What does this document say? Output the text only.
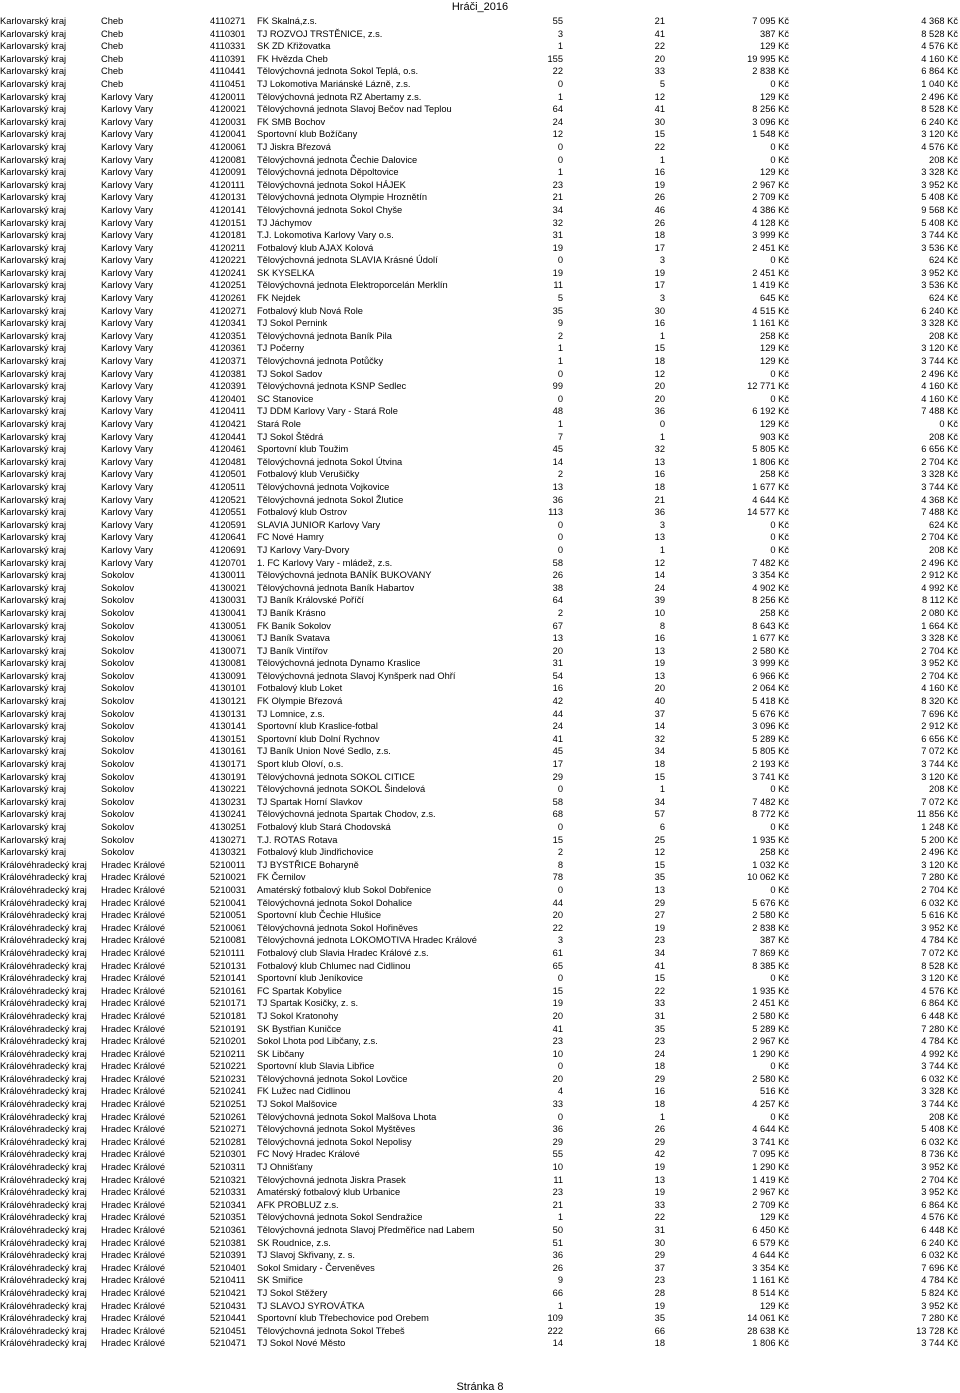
Hráči_2016
Karlovarský kraj	Cheb	4110271	FK Skalná,z.s.	55	21	7 095 Kč	4 368 Kč
Karlovarský kraj	Cheb	4110301	TJ ROZVOJ TRSTĚNICE, z.s.	3	41	387 Kč	8 528 Kč
Karlovarský kraj	Cheb	4110331	SK ZD Křižovatka	1	22	129 Kč	4 576 Kč
Karlovarský kraj	Cheb	4110391	FK Hvězda Cheb	155	20	19 995 Kč	4 160 Kč
Karlovarský kraj	Cheb	4110441	Tělovýchovná jednota Sokol Teplá, o.s.	22	33	2 838 Kč	6 864 Kč
Karlovarský kraj	Cheb	4110451	TJ Lokomotiva Mariánské Lázně, z.s.	0	5	0 Kč	1 040 Kč
Karlovarský kraj	Karlovy Vary	4120011	Tělovýchovná jednota RZ Abertamy z.s.	1	12	129 Kč	2 496 Kč
Karlovarský kraj	Karlovy Vary	4120021	Tělovýchovná jednota Slavoj Bečov nad Teplou	64	41	8 256 Kč	8 528 Kč
Karlovarský kraj	Karlovy Vary	4120031	FK SMB Bochov	24	30	3 096 Kč	6 240 Kč
Karlovarský kraj	Karlovy Vary	4120041	Sportovní klub Božíčany	12	15	1 548 Kč	3 120 Kč
Karlovarský kraj	Karlovy Vary	4120061	TJ Jiskra Březová	0	22	0 Kč	4 576 Kč
Karlovarský kraj	Karlovy Vary	4120081	Tělovýchovná jednota Čechie Dalovice	0	1	0 Kč	208 Kč
Karlovarský kraj	Karlovy Vary	4120091	Tělovýchovná jednota Děpoltovice	1	16	129 Kč	3 328 Kč
Karlovarský kraj	Karlovy Vary	4120111	Tělovýchovná jednota Sokol HÁJEK	23	19	2 967 Kč	3 952 Kč
Karlovarský kraj	Karlovy Vary	4120131	Tělovýchovná jednota Olympie Hroznětín	21	26	2 709 Kč	5 408 Kč
Karlovarský kraj	Karlovy Vary	4120141	Tělovýchovná jednota Sokol Chyše	34	46	4 386 Kč	9 568 Kč
Karlovarský kraj	Karlovy Vary	4120151	TJ Jáchymov	32	26	4 128 Kč	5 408 Kč
Karlovarský kraj	Karlovy Vary	4120181	T.J. Lokomotiva Karlovy Vary o.s.	31	18	3 999 Kč	3 744 Kč
Karlovarský kraj	Karlovy Vary	4120211	Fotbalový klub AJAX Kolová	19	17	2 451 Kč	3 536 Kč
Karlovarský kraj	Karlovy Vary	4120221	Tělovýchovná jednota SLAVIA Krásné Údolí	0	3	0 Kč	624 Kč
Karlovarský kraj	Karlovy Vary	4120241	SK KYSELKA	19	19	2 451 Kč	3 952 Kč
Karlovarský kraj	Karlovy Vary	4120251	Tělovýchovná jednota Elektroporcelán Merklín	11	17	1 419 Kč	3 536 Kč
Karlovarský kraj	Karlovy Vary	4120261	FK Nejdek	5	3	645 Kč	624 Kč
Karlovarský kraj	Karlovy Vary	4120271	Fotbalový klub Nová Role	35	30	4 515 Kč	6 240 Kč
Karlovarský kraj	Karlovy Vary	4120341	TJ Sokol Pernink	9	16	1 161 Kč	3 328 Kč
Karlovarský kraj	Karlovy Vary	4120351	Tělovýchovná jednota Baník Pila	2	1	258 Kč	208 Kč
Karlovarský kraj	Karlovy Vary	4120361	TJ Počerny	1	15	129 Kč	3 120 Kč
Karlovarský kraj	Karlovy Vary	4120371	Tělovýchovná jednota Potůčky	1	18	129 Kč	3 744 Kč
Karlovarský kraj	Karlovy Vary	4120381	TJ Sokol Sadov	0	12	0 Kč	2 496 Kč
Karlovarský kraj	Karlovy Vary	4120391	Tělovýchovná jednota KSNP Sedlec	99	20	12 771 Kč	4 160 Kč
Karlovarský kraj	Karlovy Vary	4120401	SC Stanovice	0	20	0 Kč	4 160 Kč
Karlovarský kraj	Karlovy Vary	4120411	TJ DDM Karlovy Vary - Stará Role	48	36	6 192 Kč	7 488 Kč
Karlovarský kraj	Karlovy Vary	4120421	Stará Role	1	0	129 Kč	0 Kč
Karlovarský kraj	Karlovy Vary	4120441	TJ Sokol Štědrá	7	1	903 Kč	208 Kč
Karlovarský kraj	Karlovy Vary	4120461	Sportovní klub Toužim	45	32	5 805 Kč	6 656 Kč
Karlovarský kraj	Karlovy Vary	4120481	Tělovýchovná jednota Sokol Útvina	14	13	1 806 Kč	2 704 Kč
Karlovarský kraj	Karlovy Vary	4120501	Fotbalový klub Verušičky	2	16	258 Kč	3 328 Kč
Karlovarský kraj	Karlovy Vary	4120511	Tělovýchovná jednota Vojkovice	13	18	1 677 Kč	3 744 Kč
Karlovarský kraj	Karlovy Vary	4120521	Tělovýchovná jednota Sokol Žlutice	36	21	4 644 Kč	4 368 Kč
Karlovarský kraj	Karlovy Vary	4120551	Fotbalový klub Ostrov	113	36	14 577 Kč	7 488 Kč
Karlovarský kraj	Karlovy Vary	4120591	SLAVIA JUNIOR Karlovy Vary	0	3	0 Kč	624 Kč
Karlovarský kraj	Karlovy Vary	4120641	FC Nové Hamry	0	13	0 Kč	2 704 Kč
Karlovarský kraj	Karlovy Vary	4120691	TJ Karlovy Vary-Dvory	0	1	0 Kč	208 Kč
Karlovarský kraj	Karlovy Vary	4120701	1. FC Karlovy Vary - mládež, z.s.	58	12	7 482 Kč	2 496 Kč
Karlovarský kraj	Sokolov	4130011	Tělovýchovná jednota BANÍK BUKOVANY	26	14	3 354 Kč	2 912 Kč
Karlovarský kraj	Sokolov	4130021	Tělovýchovná jednota Baník Habartov	38	24	4 902 Kč	4 992 Kč
Karlovarský kraj	Sokolov	4130031	TJ Baník Královské Poříčí	64	39	8 256 Kč	8 112 Kč
Karlovarský kraj	Sokolov	4130041	TJ Baník Krásno	2	10	258 Kč	2 080 Kč
Karlovarský kraj	Sokolov	4130051	FK Baník Sokolov	67	8	8 643 Kč	1 664 Kč
Karlovarský kraj	Sokolov	4130061	TJ Baník Svatava	13	16	1 677 Kč	3 328 Kč
Karlovarský kraj	Sokolov	4130071	TJ Baník Vintířov	20	13	2 580 Kč	2 704 Kč
Karlovarský kraj	Sokolov	4130081	Tělovýchovná jednota Dynamo Kraslice	31	19	3 999 Kč	3 952 Kč
Karlovarský kraj	Sokolov	4130091	Tělovýchovná jednota Slavoj Kynšperk nad Ohří	54	13	6 966 Kč	2 704 Kč
Karlovarský kraj	Sokolov	4130101	Fotbalový klub Loket	16	20	2 064 Kč	4 160 Kč
Karlovarský kraj	Sokolov	4130121	FK Olympie Březová	42	40	5 418 Kč	8 320 Kč
Karlovarský kraj	Sokolov	4130131	TJ Lomnice, z.s.	44	37	5 676 Kč	7 696 Kč
Karlovarský kraj	Sokolov	4130141	Sportovní klub Kraslice-fotbal	24	14	3 096 Kč	2 912 Kč
Karlovarský kraj	Sokolov	4130151	Sportovní klub Dolní Rychnov	41	32	5 289 Kč	6 656 Kč
Karlovarský kraj	Sokolov	4130161	TJ Baník Union Nové Sedlo, z.s.	45	34	5 805 Kč	7 072 Kč
Karlovarský kraj	Sokolov	4130171	Sport klub Oloví, o.s.	17	18	2 193 Kč	3 744 Kč
Karlovarský kraj	Sokolov	4130191	Tělovýchovná jednota SOKOL CITICE	29	15	3 741 Kč	3 120 Kč
Karlovarský kraj	Sokolov	4130221	Tělovýchovná jednota SOKOL Šindelová	0	1	0 Kč	208 Kč
Karlovarský kraj	Sokolov	4130231	TJ Spartak Horní Slavkov	58	34	7 482 Kč	7 072 Kč
Karlovarský kraj	Sokolov	4130241	Tělovýchovná jednota Spartak Chodov, z.s.	68	57	8 772 Kč	11 856 Kč
Karlovarský kraj	Sokolov	4130251	Fotbalový klub Stará Chodovská	0	6	0 Kč	1 248 Kč
Karlovarský kraj	Sokolov	4130271	T.J. ROTAS Rotava	15	25	1 935 Kč	5 200 Kč
Karlovarský kraj	Sokolov	4130321	Fotbalový klub Jindřichovice	2	12	258 Kč	2 496 Kč
Královéhradecký kraj	Hradec Králové	5210011	TJ BYSTŘICE Boharyně	8	15	1 032 Kč	3 120 Kč
Královéhradecký kraj	Hradec Králové	5210021	FK Černilov	78	35	10 062 Kč	7 280 Kč
Královéhradecký kraj	Hradec Králové	5210031	Amatérský fotbalový klub Sokol Dobřenice	0	13	0 Kč	2 704 Kč
Královéhradecký kraj	Hradec Králové	5210041	Tělovýchovná jednota Sokol Dohalice	44	29	5 676 Kč	6 032 Kč
Královéhradecký kraj	Hradec Králové	5210051	Sportovní klub Čechie Hlušice	20	27	2 580 Kč	5 616 Kč
Královéhradecký kraj	Hradec Králové	5210061	Tělovýchovná jednota Sokol Hořiněves	22	19	2 838 Kč	3 952 Kč
Královéhradecký kraj	Hradec Králové	5210081	Tělovýchovná jednota LOKOMOTIVA Hradec Králové	3	23	387 Kč	4 784 Kč
Královéhradecký kraj	Hradec Králové	5210111	Fotbalový club Slavia Hradec Králové z.s.	61	34	7 869 Kč	7 072 Kč
Královéhradecký kraj	Hradec Králové	5210131	Fotbalový klub Chlumec nad Cidlinou	65	41	8 385 Kč	8 528 Kč
Královéhradecký kraj	Hradec Králové	5210141	Sportovní klub Jeníkovice	0	15	0 Kč	3 120 Kč
Královéhradecký kraj	Hradec Králové	5210161	FC Spartak Kobylice	15	22	1 935 Kč	4 576 Kč
Královéhradecký kraj	Hradec Králové	5210171	TJ Spartak Kosičky, z. s.	19	33	2 451 Kč	6 864 Kč
Královéhradecký kraj	Hradec Králové	5210181	TJ Sokol Kratonohy	20	31	2 580 Kč	6 448 Kč
Královéhradecký kraj	Hradec Králové	5210191	SK Bystřian Kuničce	41	35	5 289 Kč	7 280 Kč
Královéhradecký kraj	Hradec Králové	5210201	Sokol Lhota pod Libčany, z.s.	23	23	2 967 Kč	4 784 Kč
Královéhradecký kraj	Hradec Králové	5210211	SK Libčany	10	24	1 290 Kč	4 992 Kč
Královéhradecký kraj	Hradec Králové	5210221	Sportovní klub Slavia Libřice	0	18	0 Kč	3 744 Kč
Královéhradecký kraj	Hradec Králové	5210231	Tělovýchovná jednota Sokol Lovčice	20	29	2 580 Kč	6 032 Kč
Královéhradecký kraj	Hradec Králové	5210241	FK Lužec nad Cidlinou	4	16	516 Kč	3 328 Kč
Královéhradecký kraj	Hradec Králové	5210251	TJ Sokol Malšovice	33	18	4 257 Kč	3 744 Kč
Královéhradecký kraj	Hradec Králové	5210261	Tělovýchovná jednota Sokol Malšova Lhota	0	1	0 Kč	208 Kč
Královéhradecký kraj	Hradec Králové	5210271	Tělovýchovná jednota Sokol Myštěves	36	26	4 644 Kč	5 408 Kč
Královéhradecký kraj	Hradec Králové	5210281	Tělovýchovná jednota Sokol Nepolisy	29	29	3 741 Kč	6 032 Kč
Královéhradecký kraj	Hradec Králové	5210301	FC Nový Hradec Králové	55	42	7 095 Kč	8 736 Kč
Královéhradecký kraj	Hradec Králové	5210311	TJ Ohnišťany	10	19	1 290 Kč	3 952 Kč
Královéhradecký kraj	Hradec Králové	5210321	Tělovýchovná jednota Jiskra Prasek	11	13	1 419 Kč	2 704 Kč
Královéhradecký kraj	Hradec Králové	5210331	Amatérský fotbalový klub Urbanice	23	19	2 967 Kč	3 952 Kč
Královéhradecký kraj	Hradec Králové	5210341	AFK PROBLUZ z.s.	21	33	2 709 Kč	6 864 Kč
Královéhradecký kraj	Hradec Králové	5210351	Tělovýchovná jednota Sokol Sendražice	1	22	129 Kč	4 576 Kč
Královéhradecký kraj	Hradec Králové	5210361	Tělovýchovná jednota Slavoj Předměřice nad Labem	50	31	6 450 Kč	6 448 Kč
Královéhradecký kraj	Hradec Králové	5210381	SK Roudnice, z.s.	51	30	6 579 Kč	6 240 Kč
Královéhradecký kraj	Hradec Králové	5210391	TJ Slavoj Skřivany, z. s.	36	29	4 644 Kč	6 032 Kč
Královéhradecký kraj	Hradec Králové	5210401	Sokol Smidary - Červeněves	26	37	3 354 Kč	7 696 Kč
Královéhradecký kraj	Hradec Králové	5210411	SK Smiřice	9	23	1 161 Kč	4 784 Kč
Královéhradecký kraj	Hradec Králové	5210421	TJ Sokol Stěžery	66	28	8 514 Kč	5 824 Kč
Královéhradecký kraj	Hradec Králové	5210431	TJ SLAVOJ SYROVÁTKA	1	19	129 Kč	3 952 Kč
Královéhradecký kraj	Hradec Králové	5210441	Sportovní klub Třebechovice pod Orebem	109	35	14 061 Kč	7 280 Kč
Královéhradecký kraj	Hradec Králové	5210451	Tělovýchovná jednota Sokol Třebeš	222	66	28 638 Kč	13 728 Kč
Královéhradecký kraj	Hradec Králové	5210471	TJ Sokol Nové Město	14	18	1 806 Kč	3 744 Kč
Stránka 8
